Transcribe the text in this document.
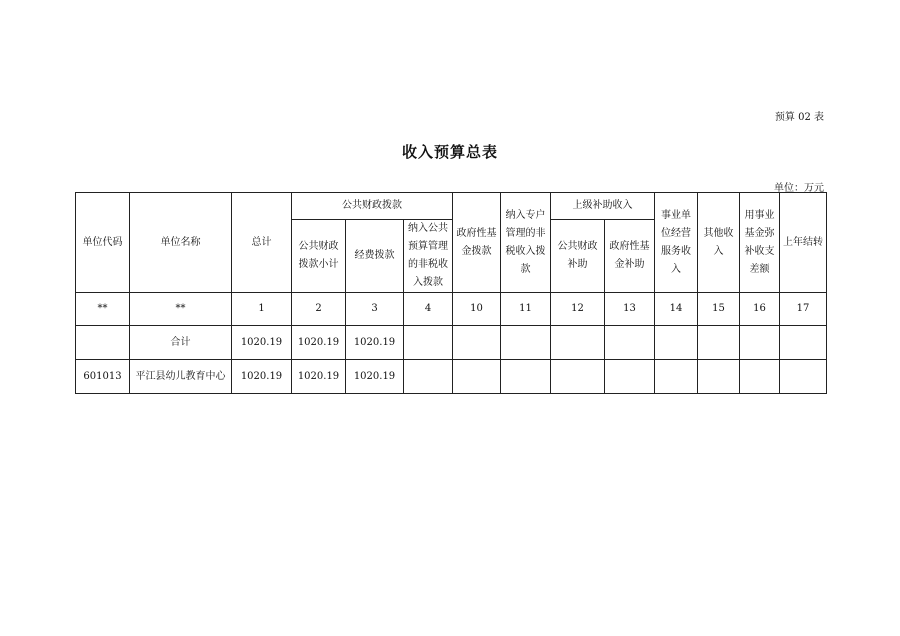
预算 02 表
收入预算总表
单位：万元
单位代码	单位名称	总计	公共财政拨款			政府性基金拨款	纳入专户管理的非税收入拨款	上级补助收入		事业单位经营服务收入	其他收入	用事业基金弥补收支差额	上年结转
			公共财政拨款小计	经费拨款	纳入公共预算管理的非税收入拨款								
								公共财政补助	政府性基金补助				
**	**	1	2	3	4	10	11	12	13	14	15	16	17
	合计	1020.19	1020.19	1020.19									
601013	平江县幼儿教育中心	1020.19	1020.19	1020.19									
